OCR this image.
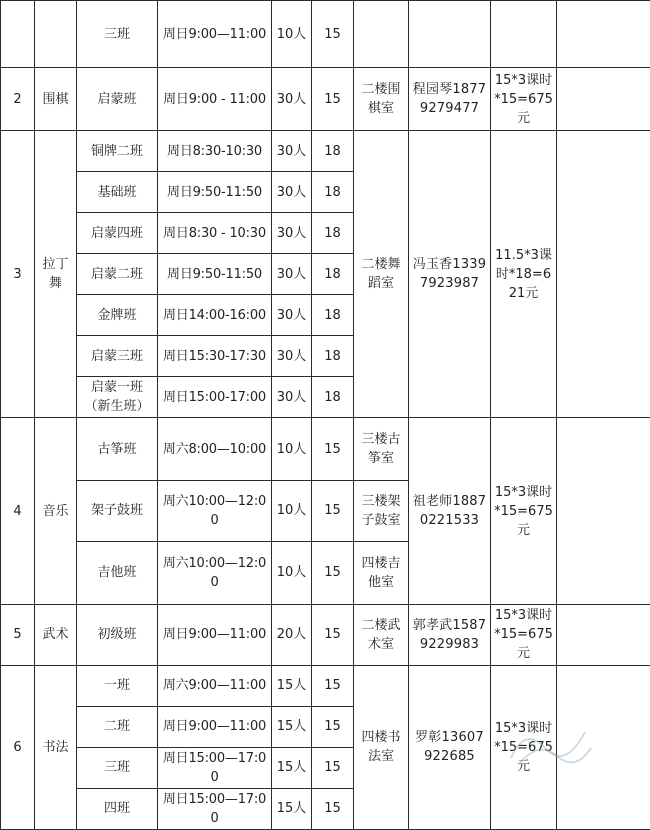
		三班	周日9:00—11:00	10人	15				
2	围棋	启蒙班	周日9:00 - 11:00	30人	15	二楼围棋室	程园琴18779279477	15*3课时*15=675元	
3	拉丁舞	铜牌二班	周日8:30-10:30	30人	18	二楼舞蹈室	冯玉香13397923987	11.5*3课时*18=621元	
		基础班	周日9:50-11:50	30人	18				
		启蒙四班	周日8:30 - 10:30	30人	18				
		启蒙二班	周日9:50-11:50	30人	18				
		金牌班	周日14:00-16:00	30人	18				
		启蒙三班	周日15:30-17:30	30人	18				
		启蒙一班（新生班）	周日15:00-17:00	30人	18				
4	音乐	古筝班	周六8:00—10:00	10人	15	三楼古筝室	祖老师18870221533	15*3课时*15=675元	
		架子鼓班	周六10:00—12:00	10人	15	三楼架子鼓室			
		吉他班	周六10:00—12:00	10人	15	四楼吉他室			
5	武术	初级班	周日9:00—11:00	20人	15	二楼武术室	郭孝武15879229983	15*3课时*15=675元	
6	书法	一班	周六9:00—11:00	15人	15	四楼书法室	罗彰13607922685	15*3课时*15=675元	
		二班	周日9:00—11:00	15人	15				
		三班	周日15:00—17:00	15人	15				
		四班	周日15:00—17:00	15人	15				
